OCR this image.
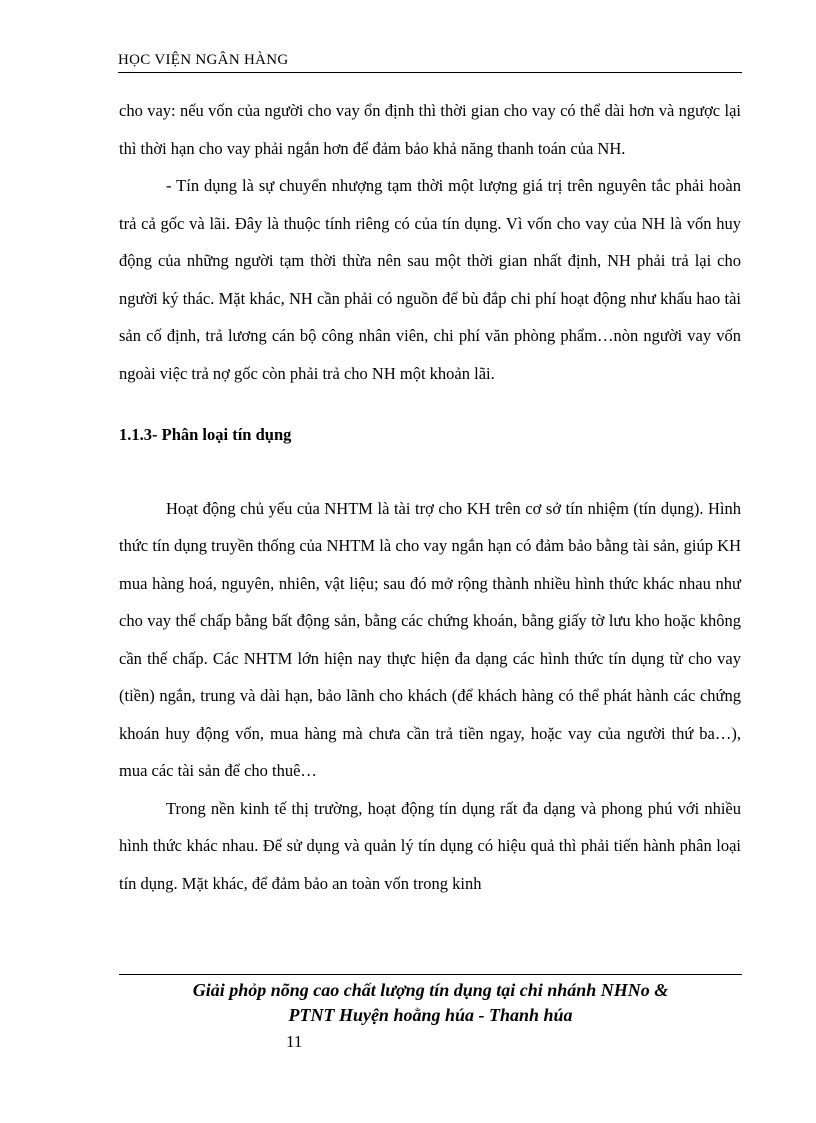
HỌC VIỆN NGÂN HÀNG

cho vay: nếu vốn của người cho vay ổn định thì thời gian cho vay có thể dài hơn và ngược lại thì thời hạn cho vay phải ngắn hơn để đảm bảo khả năng thanh toán của NH.

- Tín dụng là sự chuyển nhượng tạm thời một lượng giá trị trên nguyên tắc phải hoàn trả cả gốc và lãi. Đây là thuộc tính riêng có của tín dụng. Vì vốn cho vay của NH là vốn huy động của những người tạm thời thừa nên sau một thời gian nhất định, NH phải trả lại cho người ký thác. Mặt khác, NH cần phải có nguồn để bù đắp chi phí hoạt động như khấu hao tài sản cố định, trả lương cán bộ công nhân viên, chi phí văn phòng phẩm…nòn người vay vốn ngoài việc trả nợ gốc còn phải trả cho NH một khoản lãi.

1.1.3- Phân loại tín dụng

Hoạt động chủ yếu của NHTM là tài trợ cho KH trên cơ sở tín nhiệm (tín dụng). Hình thức tín dụng truyền thống của NHTM là cho vay ngắn hạn có đảm bảo bằng tài sản, giúp KH mua hàng hoá, nguyên, nhiên, vật liệu; sau đó mở rộng thành nhiều hình thức khác nhau như cho vay thế chấp bằng bất động sản, bằng các chứng khoán, bằng giấy tờ lưu kho hoặc không cần thế chấp. Các NHTM lớn hiện nay thực hiện đa dạng các hình thức tín dụng từ cho vay (tiền) ngắn, trung và dài hạn, bảo lãnh cho khách (để khách hàng có thể phát hành các chứng khoán huy động vốn, mua hàng mà chưa cần trả tiền ngay, hoặc vay của người thứ ba…), mua các tài sản để cho thuê…

Trong nền kinh tế thị trường, hoạt động tín dụng rất đa dạng và phong phú với nhiều hình thức khác nhau. Để sử dụng và quản lý tín dụng có hiệu quả thì phải tiến hành phân loại tín dụng. Mặt khác, để đảm bảo an toàn vốn trong kinh

Giải phỏp nõng cao chất lượng tín dụng tại chi nhánh NHNo &
PTNT Huyện hoằng húa - Thanh húa
11
